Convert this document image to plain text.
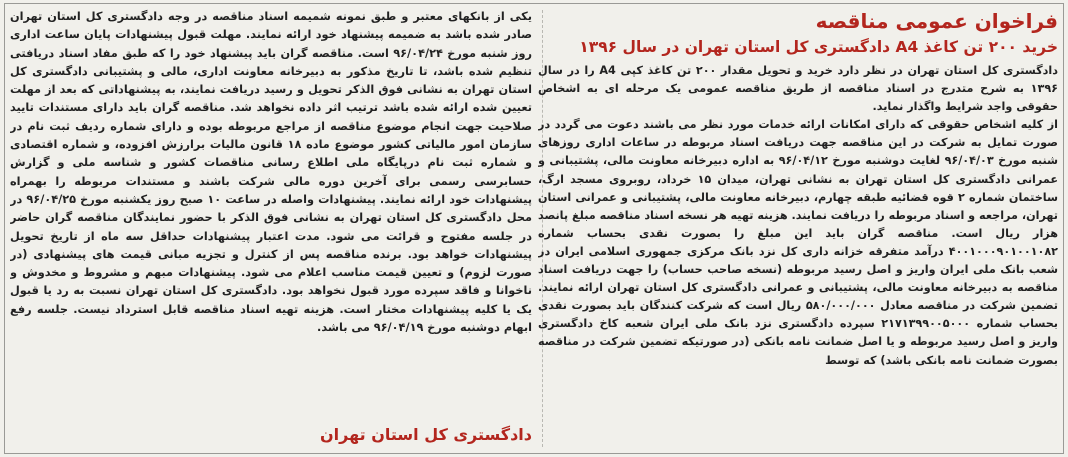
فراخوان عمومی مناقصه
خرید ۲۰۰ تن کاغذ A4 دادگستری کل استان تهران در سال ۱۳۹۶

دادگستری کل استان تهران در نظر دارد خرید و تحویل مقدار ۲۰۰ تن کاغذ کپی A4 را در سال ۱۳۹۶ به شرح متدرج در اسناد مناقصه از طریق مناقصه عمومی یک مرحله ای به اشخاص حقوقی واجد شرایط واگذار نماید.

از کلیه اشخاص حقوقی که دارای امکانات ارائه خدمات مورد نظر می باشند دعوت می گردد در صورت تمایل به شرکت در این مناقصه جهت دریافت اسناد مربوطه در ساعات اداری روزهای شنبه مورخ ۹۶/۰۴/۰۳ لغایت دوشنبه مورخ ۹۶/۰۴/۱۲ به اداره دبیرخانه معاونت مالی، پشتیبانی و عمرانی دادگستری کل استان تهران به نشانی تهران، میدان ۱۵ خرداد، روبروی مسجد ارگ، ساختمان شماره ۲ قوه قضائیه طبقه چهارم، دبیرخانه معاونت مالی، پشتیبانی و عمرانی استان تهران، مراجعه و اسناد مربوطه را دریافت نمایند. هزینه تهیه هر نسخه اسناد مناقصه مبلغ پانصد هزار ریال است. مناقصه گران باید این مبلغ را بصورت نقدی بحساب شماره ۴۰۰۱۰۰۰۹۰۱۰۰۱۰۸۲ درآمد متفرقه خزانه داری کل نزد بانک مرکزی جمهوری اسلامی ایران در شعب بانک ملی ایران واریز و اصل رسید مربوطه (نسخه صاحب حساب) را جهت دریافت اسناد مناقصه به دبیرخانه معاونت مالی، پشتیبانی و عمرانی دادگستری کل استان تهران ارائه نمایند. تضمین شرکت در مناقصه معادل ۵۸۰/۰۰۰/۰۰۰ ریال است که شرکت کنندگان باید بصورت نقدی بحساب شماره ۲۱۷۱۳۹۹۰۰۵۰۰۰ سپرده دادگستری نزد بانک ملی ایران شعبه کاخ دادگستری واریز و اصل رسید مربوطه و یا اصل ضمانت نامه بانکی (در صورتیکه تضمین شرکت در مناقصه بصورت ضمانت نامه بانکی باشد) که توسط

یکی از بانکهای معتبر و طبق نمونه شمیمه اسناد مناقصه در وجه دادگستری کل استان تهران صادر شده باشد به ضمیمه پیشنهاد خود ارائه نمایند. مهلت قبول پیشنهادات پایان ساعت اداری روز شنبه مورخ ۹۶/۰۴/۲۴ است. مناقصه گران باید پیشنهاد خود را که طبق مفاد اسناد دریافتی تنظیم شده باشد، تا تاریخ مذکور به دبیرخانه معاونت اداری، مالی و پشتیبانی دادگستری کل استان تهران به نشانی فوق الذکر تحویل و رسید دریافت نمایند، به پیشنهاداتی که بعد از مهلت تعیین شده ارائه شده باشد ترتیب اثر داده نخواهد شد. مناقصه گران باید دارای مستندات تایید صلاحیت جهت انجام موضوع مناقصه از مراجع مربوطه بوده و دارای شماره ردیف ثبت نام در سازمان امور مالیاتی کشور موضوع ماده ۱۸ قانون مالیات برارزش افزوده، و شماره اقتصادی و شماره ثبت نام درپایگاه ملی اطلاع رسانی مناقصات کشور و شناسه ملی و گزارش حسابرسی رسمی برای آخرین دوره مالی شرکت باشند و مستندات مربوطه را بهمراه پیشنهادات خود ارائه نمایند. پیشنهادات واصله در ساعت ۱۰ صبح روز یکشنبه مورخ ۹۶/۰۴/۲۵ در محل دادگستری کل استان تهران به نشانی فوق الذکر با حضور نمایندگان مناقصه گران حاضر در جلسه مفتوح و قرائت می شود. مدت اعتبار پیشنهادات حداقل سه ماه از تاریخ تحویل پیشنهادات خواهد بود. برنده مناقصه پس از کنترل و تجزیه مبانی قیمت های پیشنهادی (در صورت لزوم) و تعیین قیمت مناسب اعلام می شود. پیشنهادات مبهم و مشروط و مخدوش و ناخوانا و فاقد سپرده مورد قبول نخواهد بود. دادگستری کل استان تهران نسبت به رد یا قبول یک یا کلیه پیشنهادات مختار است. هزینه تهیه اسناد مناقصه قابل استرداد نیست. جلسه رفع ابهام دوشنبه مورخ ۹۶/۰۴/۱۹ می باشد.

دادگستری کل استان تهران
